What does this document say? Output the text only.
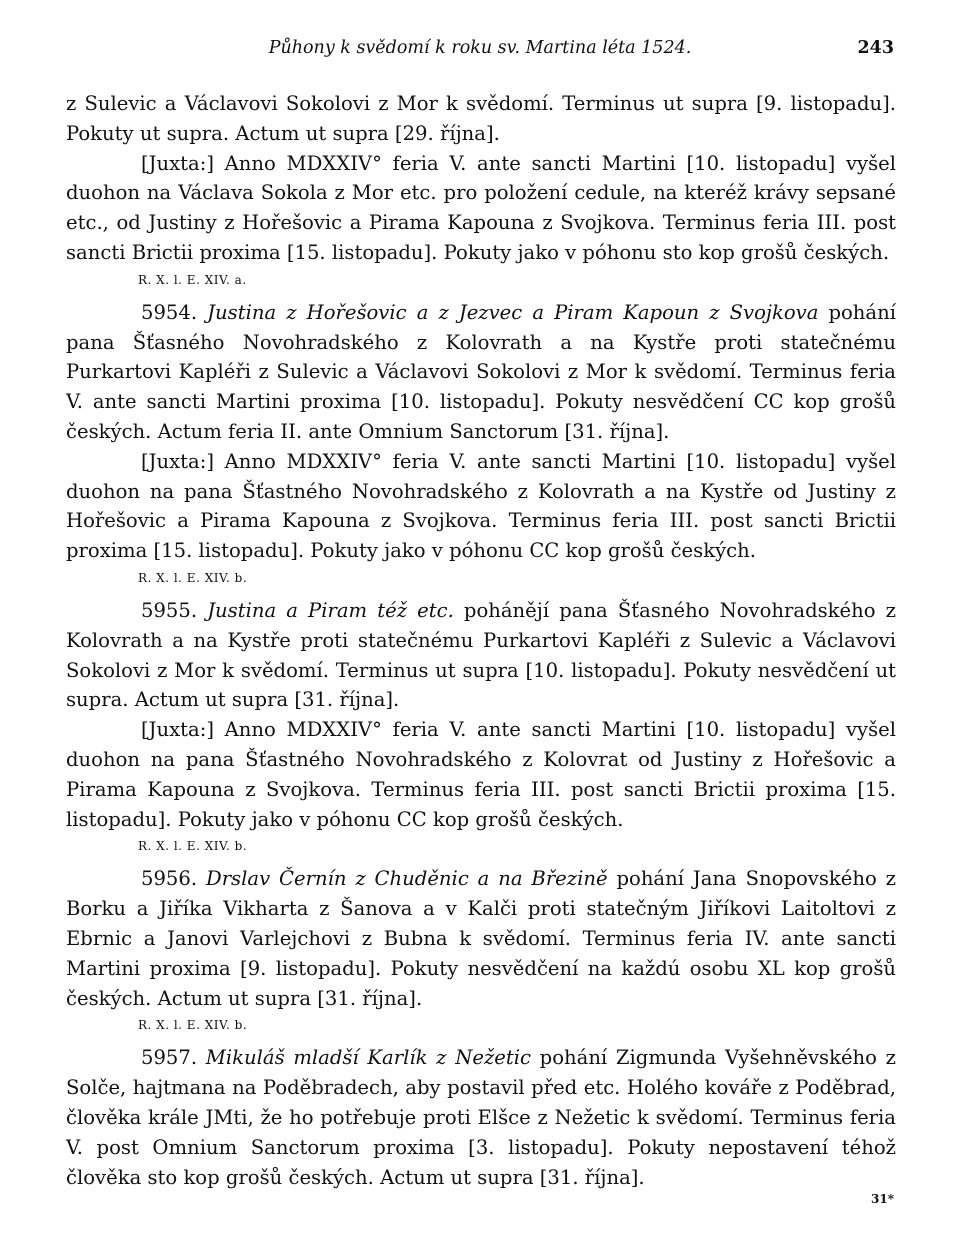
Půhony k svědomí k roku sv. Martina léta 1524.	243

z Sulevic a Václavovi Sokolovi z Mor k svědomí. Terminus ut supra [9. listopadu]. Pokuty ut supra. Actum ut supra [29. října].

[Juxta:] Anno MDXXIV° feria V. ante sancti Martini [10. listopadu] vyšel duohon na Václava Sokola z Mor etc. pro položení cedule, na kteréž krávy sepsané etc., od Justiny z Hořešovic a Pirama Kapouna z Svojkova. Terminus feria III. post sancti Brictii proxima [15. listopadu]. Pokuty jako v póhonu sto kop grošů českých.

R. X. l. E. XIV. a.

5954. Justina z Hořešovic a z Jezvec a Piram Kapoun z Svojkova pohání pana Šťasného Novohradského z Kolovrath a na Kystře proti statečnému Purkartovi Kapléři z Sulevic a Václavovi Sokolovi z Mor k svědomí. Terminus feria V. ante sancti Martini proxima [10. listopadu]. Pokuty nesvědčení CC kop grošů českých. Actum feria II. ante Omnium Sanctorum [31. října].

[Juxta:] Anno MDXXIV° feria V. ante sancti Martini [10. listopadu] vyšel duohon na pana Šťastného Novohradského z Kolovrath a na Kystře od Justiny z Hořešovic a Pirama Kapouna z Svojkova. Terminus feria III. post sancti Brictii proxima [15. listopadu]. Pokuty jako v póhonu CC kop grošů českých.

R. X. l. E. XIV. b.

5955. Justina a Piram též etc. pohánějí pana Šťasného Novohradského z Kolovrath a na Kystře proti statečnému Purkartovi Kapléři z Sulevic a Václavovi Sokolovi z Mor k svědomí. Terminus ut supra [10. listopadu]. Pokuty nesvědčení ut supra. Actum ut supra [31. října].

[Juxta:] Anno MDXXIV° feria V. ante sancti Martini [10. listopadu] vyšel duohon na pana Šťastného Novohradského z Kolovrat od Justiny z Hořešovic a Pirama Kapouna z Svojkova. Terminus feria III. post sancti Brictii proxima [15. listopadu]. Pokuty jako v póhonu CC kop grošů českých.

R. X. l. E. XIV. b.

5956. Drslav Černín z Chuděnic a na Březině pohání Jana Snopovského z Borku a Jiříka Vikharta z Šanova a v Kalči proti statečným Jiříkovi Laitoltovi z Ebrnic a Janovi Varlejchovi z Bubna k svědomí. Terminus feria IV. ante sancti Martini proxima [9. listopadu]. Pokuty nesvědčení na každú osobu XL kop grošů českých. Actum ut supra [31. října].

R. X. l. E. XIV. b.

5957. Mikuláš mladší Karlík z Nežetic pohání Zigmunda Vyšehněvského z Solče, hajtmana na Poděbradech, aby postavil před etc. Holého kováře z Poděbrad, člověka krále JMti, že ho potřebuje proti Elšce z Nežetic k svědomí. Terminus feria V. post Omnium Sanctorum proxima [3. listopadu]. Pokuty nepostavení téhož člověka sto kop grošů českých. Actum ut supra [31. října].

31*
